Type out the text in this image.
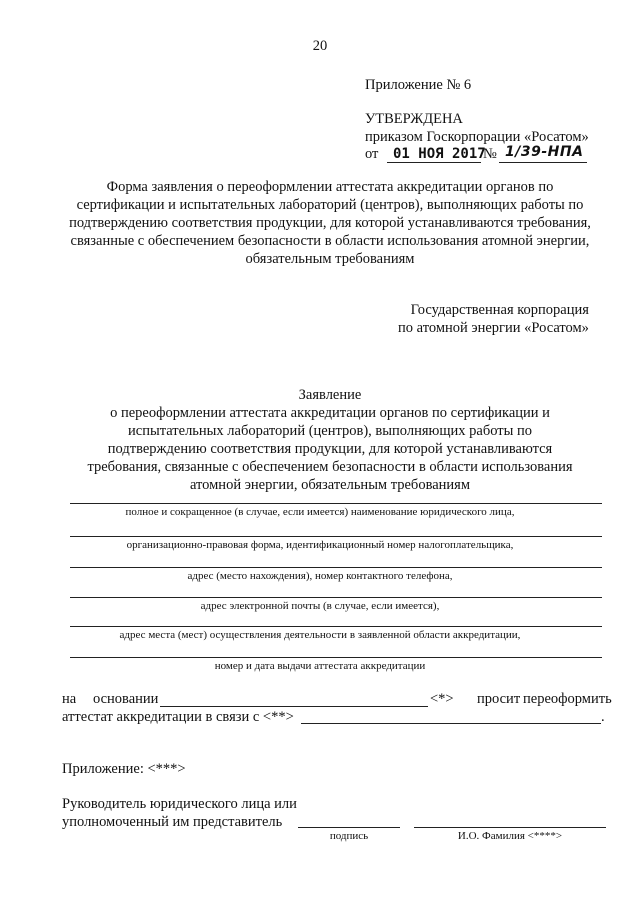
20
Приложение № 6
УТВЕРЖДЕНА
приказом Госкорпорации «Росатом»
от 01 НОЯ 2017
№ 1/39-НПА
Форма заявления о переоформлении аттестата аккредитации органов по
сертификации и испытательных лабораторий (центров), выполняющих работы по
подтверждению соответствия продукции, для которой устанавливаются требования,
связанные с обеспечением безопасности в области использования атомной энергии,
обязательным требованиям
Государственная корпорация
по атомной энергии «Росатом»
Заявление
о переоформлении аттестата аккредитации органов по сертификации и
испытательных лабораторий (центров), выполняющих работы по
подтверждению соответствия продукции, для которой устанавливаются
требования, связанные с обеспечением безопасности в области использования
атомной энергии, обязательным требованиям
полное и сокращенное (в случае, если имеется) наименование юридического лица,
организационно-правовая форма, идентификационный номер налогоплательщика,
адрес (место нахождения), номер контактного телефона,
адрес электронной почты (в случае, если имеется),
адрес места (мест) осуществления деятельности в заявленной области аккредитации,
номер и дата выдачи аттестата аккредитации
на основании	<*> просит переоформить
аттестат аккредитации в связи с <**>	.
Приложение: <***>
Руководитель юридического лица или
уполномоченный им представитель
подпись	И.О. Фамилия <****>
